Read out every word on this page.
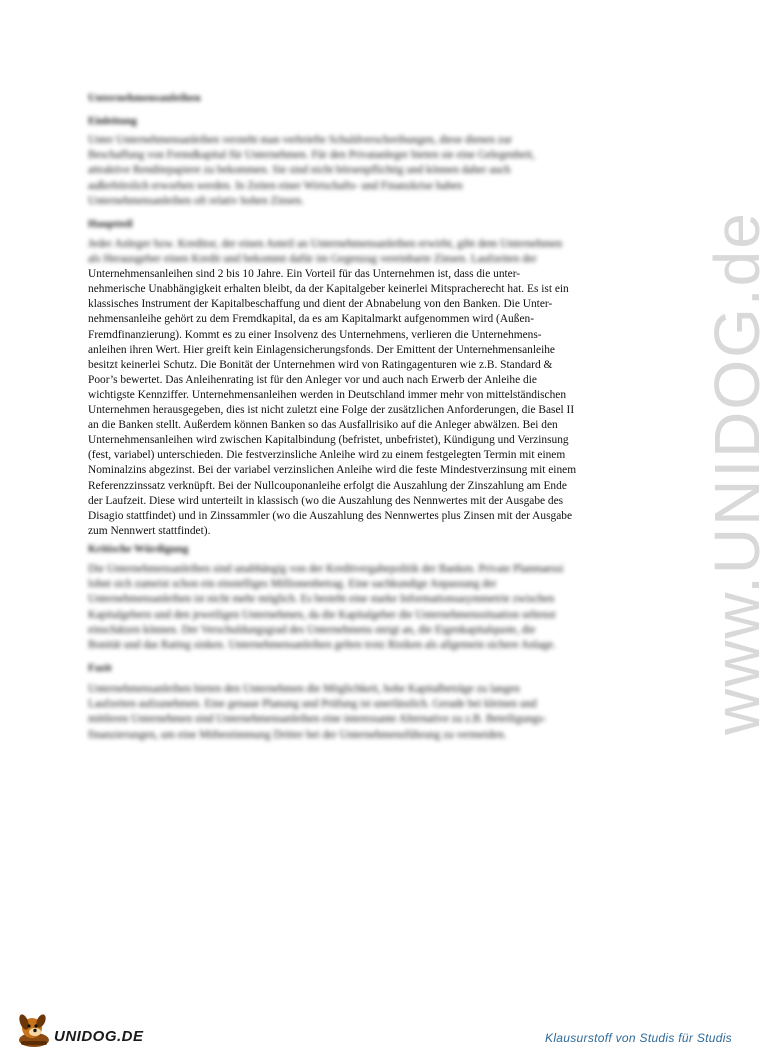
www.UNIDOG.de
Unternehmensanleihen
Einleitung
Unter Unternehmensanleihen versteht man verbriefte Schuldverschreibungen, diese dienen zur
Beschaffung von Fremdkapital für Unternehmen. Für den Privatanleger bieten sie eine Gelegenheit,
attraktive Renditepapiere zu bekommen. Sie sind nicht börsenpflichtig und können daher auch
außerbörslich erworben werden. In Zeiten einer Wirtschafts- und Finanzkrise haben
Unternehmensanleihen oft relativ hohen Zinsen.
Hauptteil
Jeder Anleger bzw. Kreditor, der einen Anteil an Unternehmensanleihen erwirbt, gibt dem Unternehmen
als Herausgeber einen Kredit und bekommt dafür im Gegenzug vereinbarte Zinsen. Laufzeiten der
Unternehmensanleihen sind 2 bis 10 Jahre. Ein Vorteil für das Unternehmen ist, dass die unter-
nehmerische Unabhängigkeit erhalten bleibt, da der Kapitalgeber keinerlei Mitspracherecht hat. Es ist ein
klassisches Instrument der Kapitalbeschaffung und dient der Abnabelung von den Banken. Die Unter-
nehmensanleihe gehört zu dem Fremdkapital, da es am Kapitalmarkt aufgenommen wird (Außen-
Fremdfinanzierung). Kommt es zu einer Insolvenz des Unternehmens, verlieren die Unternehmens-
anleihen ihren Wert. Hier greift kein Einlagensicherungsfonds. Der Emittent der Unternehmensanleihe
besitzt keinerlei Schutz. Die Bonität der Unternehmen wird von Ratingagenturen wie z.B. Standard &
Poor’s bewertet. Das Anleihenrating ist für den Anleger vor und auch nach Erwerb der Anleihe die
wichtigste Kennziffer. Unternehmensanleihen werden in Deutschland immer mehr von mittelständischen
Unternehmen herausgegeben, dies ist nicht zuletzt eine Folge der zusätzlichen Anforderungen, die Basel II
an die Banken stellt. Außerdem können Banken so das Ausfallrisiko auf die Anleger abwälzen. Bei den
Unternehmensanleihen wird zwischen Kapitalbindung (befristet, unbefristet), Kündigung und Verzinsung
(fest, variabel) unterschieden. Die festverzinsliche Anleihe wird zu einem festgelegten Termin mit einem
Nominalzins abgezinst. Bei der variabel verzinslichen Anleihe wird die feste Mindestverzinsung mit einem
Referenzzinssatz verknüpft. Bei der Nullcouponanleihe erfolgt die Auszahlung der Zinszahlung am Ende
der Laufzeit. Diese wird unterteilt in klassisch (wo die Auszahlung des Nennwertes mit der Ausgabe des
Disagio stattfindet) und in Zinssammler (wo die Auszahlung des Nennwertes plus Zinsen mit der Ausgabe
zum Nennwert stattfindet).
Kritische Würdigung
Die Unternehmensanleihen sind unabhängig von der Kreditvergabepolitik der Banken. Private Planmaessi
lohnt sich zumeist schon ein einstelliges Millionenbetrag. Eine sachkundige Anpassung der
Unternehmensanleihen ist nicht mehr möglich. Es besteht eine starke Informationsasymmetrie zwischen
Kapitalgebern und den jeweiligen Unternehmen, da die Kapitalgeber die Unternehmenssituation seltenst
einschätzen können. Der Verschuldungsgrad des Unternehmens steigt an, die Eigenkapitalquote, die
Bonität und das Rating sinken. Unternehmensanleihen gelten trotz Risiken als allgemein sichere Anlage.
Fazit
Unternehmensanleihen bieten den Unternehmen die Möglichkeit, hohe Kapitalbeträge zu langen
Laufzeiten aufzunehmen. Eine genaue Planung und Prüfung ist unerlässlich. Gerade bei kleinen und
mittleren Unternehmen sind Unternehmensanleihen eine interessante Alternative zu z.B. Beteiligungs-
finanzierungen, um eine Mitbestimmung Dritter bei der Unternehmensführung zu vermeiden.
UNIDOG.DE	Klausurstoff von Studis für Studis
